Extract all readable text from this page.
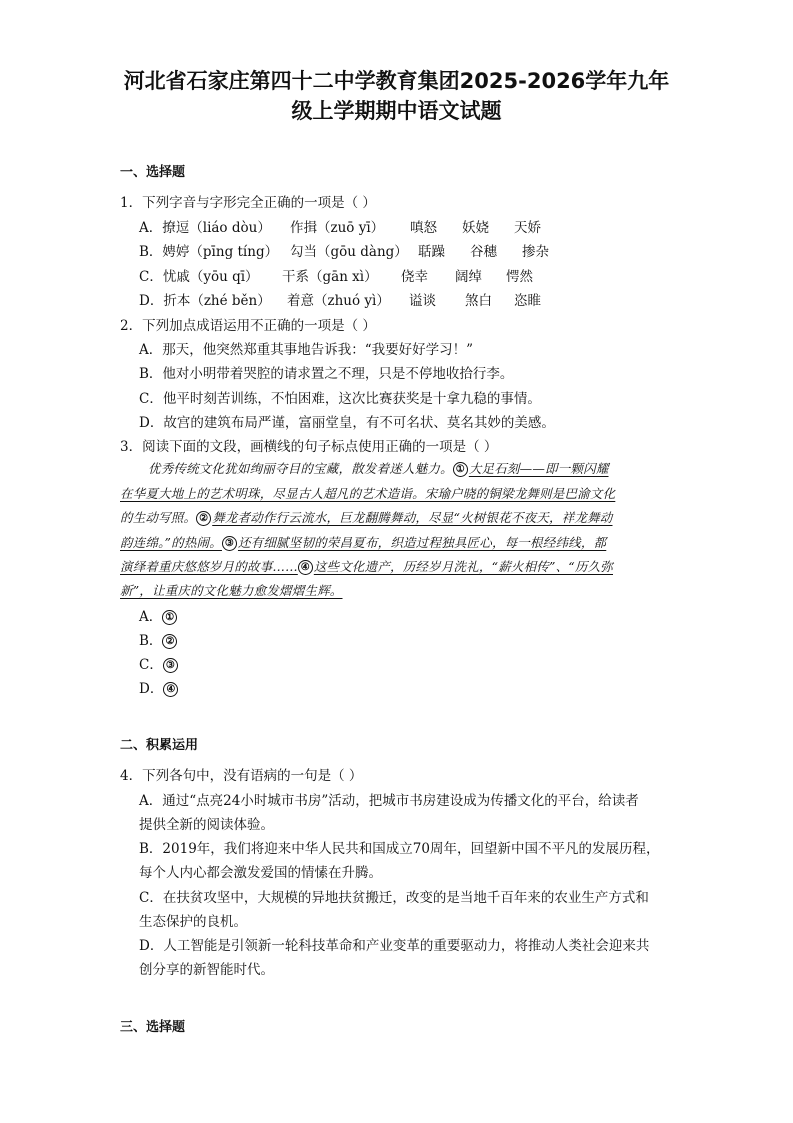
河北省石家庄第四十二中学教育集团2025-2026学年九年
级上学期期中语文试题
一、选择题
1．下列字音与字形完全正确的一项是（ ）
A．撩逗（liáo dòu） 作揖（zuō yī） 嗔怒 妖娆 天娇
B．娉婷（pīng tíng） 勾当（gōu dàng） 聒躁 谷穗 掺杂
C．忧戚（yōu qī） 干系（gān xì） 侥幸 阔绰 愕然
D．折本（zhé běn） 着意（zhuó yì） 谥谈 煞白 恣睢
2．下列加点成语运用不正确的一项是（ ）
A．那天，他突然郑重其事地告诉我：“我要好好学习！”
B．他对小明带着哭腔的请求置之不理，只是不停地收拾行李。
C．他平时刻苦训练，不怕困难，这次比赛获奖是十拿九稳的事情。
D．故宫的建筑布局严谨，富丽堂皇，有不可名状、莫名其妙的美感。
3．阅读下面的文段，画横线的句子标点使用正确的一项是（ ）
优秀传统文化犹如绚丽夺目的宝藏，散发着迷人魅力。 ① 大足石刻——即一颗闪耀
在华夏大地上的艺术明珠，尽显古人超凡的艺术造诣。宋瑜户晓的铜梁龙舞则是巴渝文化
的生动写照。 ② 舞龙者动作行云流水，巨龙翻腾舞动，尽显“火树银花不夜天，祥龙舞动
韵连绵。”的热闹。 ③ 还有细腻坚韧的荣昌夏布，织造过程独具匠心，每一根经纬线，都
演绎着重庆悠悠岁月的故事…… ④ 这些文化遗产，历经岁月洗礼，“薪火相传”、“历久弥
新”，让重庆的文化魅力愈发熠熠生辉。
A． ①
B． ②
C． ③
D． ④
二、积累运用
4．下列各句中，没有语病的一句是（ ）
A．通过“点亮24小时城市书房”活动，把城市书房建设成为传播文化的平台，给读者
提供全新的阅读体验。
B．2019年，我们将迎来中华人民共和国成立70周年，回望新中国不平凡的发展历程，
每个人内心都会激发爱国的情愫在升腾。
C．在扶贫攻坚中，大规模的异地扶贫搬迁，改变的是当地千百年来的农业生产方式和
生态保护的良机。
D．人工智能是引领新一轮科技革命和产业变革的重要驱动力，将推动人类社会迎来共
创分享的新智能时代。
三、选择题
